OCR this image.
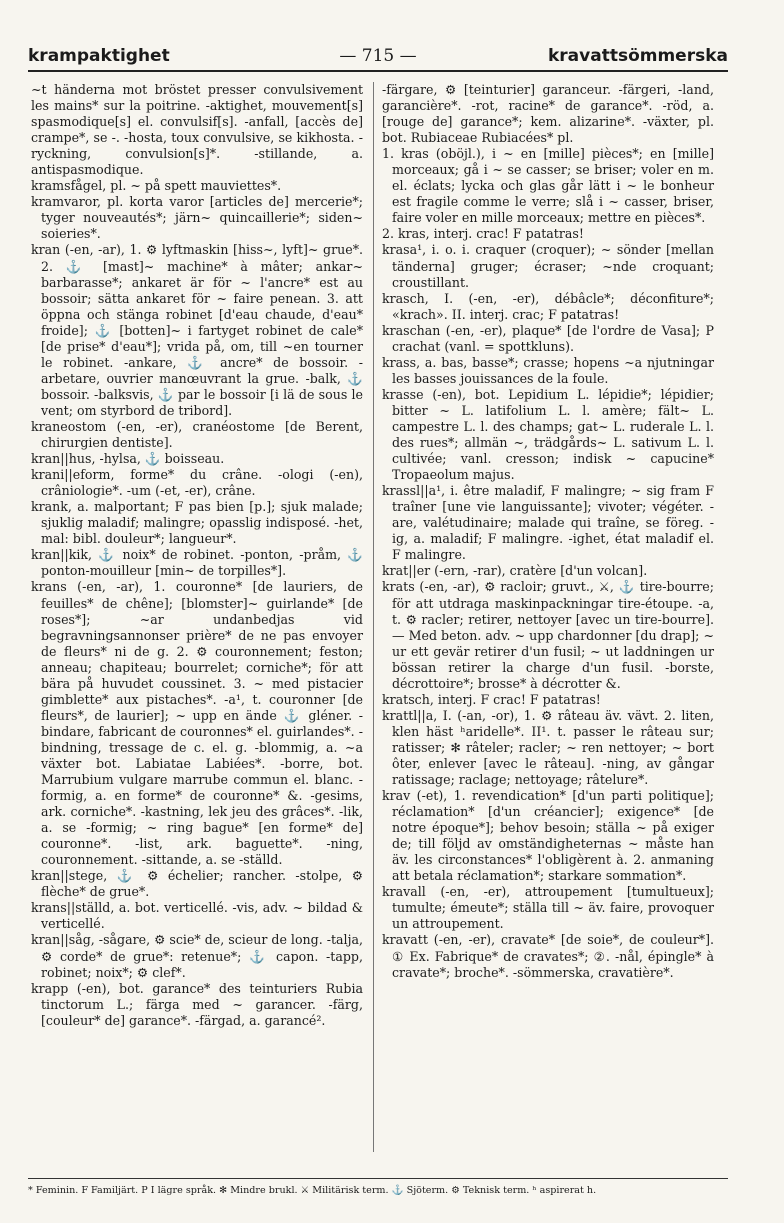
krampaktighet	— 715 —	kravattsömmerska

~t händerna mot bröstet presser convulsivement les mains* sur la poitrine. -aktighet, mouvement[s] spasmodique[s] el. convulsif[s]. -anfall, [accès de] crampe*, se -. -hosta, toux convulsive, se kikhosta. -ryckning, convulsion[s]*. -stillande, a. antispasmodique.

kramsfågel, pl. ~ på spett mauviettes*.

kramvaror, pl. korta varor [articles de] mercerie*; tyger nouveautés*; järn~ quincaillerie*; siden~ soieries*.

kran (-en, -ar), 1. ⚙ lyftmaskin [hiss~, lyft]~ grue*. 2. ⚓ [mast]~ machine* à mâter; ankar~ barbarasse*; ankaret är för ~ l'ancre* est au bossoir; sätta ankaret för ~ faire penean. 3. att öppna och stänga robinet [d'eau chaude, d'eau* froide]; ⚓ [botten]~ i fartyget robinet de cale* [de prise* d'eau*]; vrida på, om, till ~en tourner le robinet. -ankare, ⚓ ancre* de bossoir. -arbetare, ouvrier manœuvrant la grue. -balk, ⚓ bossoir. -balksvis, ⚓ par le bossoir [i lä de sous le vent; om styrbord de tribord].

kraneostom (-en, -er), cranéostome [de Berent, chirurgien dentiste].

kran||hus, -hylsa, ⚓ boisseau.

krani||eform, forme* du crâne. -ologi (-en), crâniologie*. -um (-et, -er), crâne.

krank, a. malportant; F pas bien [p.]; sjuk malade; sjuklig maladif; malingre; opasslig indisposé. -het, mal: bibl. douleur*; langueur*.

kran||kik, ⚓ noix* de robinet. -ponton, -pråm, ⚓ ponton-mouilleur [min~ de torpilles*].

krans (-en, -ar), 1. couronne* [de lauriers, de feuilles* de chêne]; [blomster]~ guirlande* [de roses*]; ~ar undanbedjas vid begravningsannonser prière* de ne pas envoyer de fleurs* ni de g. 2. ⚙ couronnement; feston; anneau; chapiteau; bourrelet; corniche*; för att bära på huvudet coussinet. 3. ~ med pistacier gimblette* aux pistaches*. -a¹, t. couronner [de fleurs*, de laurier]; ~ upp en ände ⚓ gléner. -bindare, fabricant de couronnes* el. guirlandes*. -bindning, tressage de c. el. g. -blommig, a. ~a växter bot. Labiatae Labiées*. -borre, bot. Marrubium vulgare marrube commun el. blanc. -formig, a. en forme* de couronne* &. -gesims, ark. corniche*. -kastning, lek jeu des grâces*. -lik, a. se -formig; ~ ring bague* [en forme* de] couronne*. -list, ark. baguette*. -ning, couronnement. -sittande, a. se -ställd.

kran||stege, ⚓ ⚙ échelier; rancher. -stolpe, ⚙ flèche* de grue*.

krans||ställd, a. bot. verticellé. -vis, adv. ~ bildad & verticellé.

kran||såg, -sågare, ⚙ scie* de, scieur de long. -talja, ⚙ corde* de grue*: retenue*; ⚓ capon. -tapp, robinet; noix*; ⚙ clef*.

krapp (-en), bot. garance* des teinturiers Rubia tinctorum L.; färga med ~ garancer. -färg, [couleur* de] garance*. -färgad, a. garancé².

-färgare, ⚙ [teinturier] garanceur. -färgeri, -land, garancière*. -rot, racine* de garance*. -röd, a. [rouge de] garance*; kem. alizarine*. -växter, pl. bot. Rubiaceae Rubiacées* pl.

1. kras (oböjl.), i ~ en [mille] pièces*; en [mille] morceaux; gå i ~ se casser; se briser; voler en m. el. éclats; lycka och glas går lätt i ~ le bonheur est fragile comme le verre; slå i ~ casser, briser, faire voler en mille morceaux; mettre en pièces*.

2. kras, interj. crac! F patatras!

krasa¹, i. o. i. craquer (croquer); ~ sönder [mellan tänderna] gruger; écraser; ~nde croquant; croustillant.

krasch, I. (-en, -er), débâcle*; déconfiture*; «krach». II. interj. crac; F patatras!

kraschan (-en, -er), plaque* [de l'ordre de Vasa]; P crachat (vanl. = spottkluns).

krass, a. bas, basse*; crasse; hopens ~a njutningar les basses jouissances de la foule.

krasse (-en), bot. Lepidium L. lépidie*; lépidier; bitter ~ L. latifolium L. l. amère; fält~ L. campestre L. l. des champs; gat~ L. ruderale L. l. des rues*; allmän ~, trädgårds~ L. sativum L. l. cultivée; vanl. cresson; indisk ~ capucine* Tropaeolum majus.

krassl||a¹, i. être maladif, F malingre; ~ sig fram F traîner [une vie languissante]; vivoter; végéter. -are, valétudinaire; malade qui traîne, se föreg. -ig, a. maladif; F malingre. -ighet, état maladif el. F malingre.

krat||er (-ern, -rar), cratère [d'un volcan].

krats (-en, -ar), ⚙ racloir; gruvt., ⚔, ⚓ tire-bourre; för att utdraga maskinpackningar tire-étoupe. -a, t. ⚙ racler; retirer, nettoyer [avec un tire-bourre]. — Med beton. adv. ~ upp chardonner [du drap]; ~ ur ett gevär retirer d'un fusil; ~ ut laddningen ur bössan retirer la charge d'un fusil. -borste, décrottoire*; brosse* à décrotter &.

kratsch, interj. F crac! F patatras!

krattl||a, I. (-an, -or), 1. ⚙ râteau äv. vävt. 2. liten, klen häst ʰaridelle*. II¹. t. passer le râteau sur; ratisser; ✻ râteler; racler; ~ ren nettoyer; ~ bort ôter, enlever [avec le râteau]. -ning, av gångar ratissage; raclage; nettoyage; râtelure*.

krav (-et), 1. revendication* [d'un parti politique]; réclamation* [d'un créancier]; exigence* [de notre époque*]; behov besoin; ställa ~ på exiger de; till följd av omständigheternas ~ måste han äv. les circonstances* l'obligèrent à. 2. anmaning att betala réclamation*; starkare sommation*.

kravall (-en, -er), attroupement [tumultueux]; tumulte; émeute*; ställa till ~ äv. faire, provoquer un attroupement.

kravatt (-en, -er), cravate* [de soie*, de couleur*]. ① Ex. Fabrique* de cravates*; ②. -nål, épingle* à cravate*; broche*. -sömmerska, cravatière*.

* Feminin. F Familjärt. P I lägre språk. ✻ Mindre brukl. ⚔ Militärisk term. ⚓ Sjöterm. ⚙ Teknisk term. ʰ aspirerat h.
